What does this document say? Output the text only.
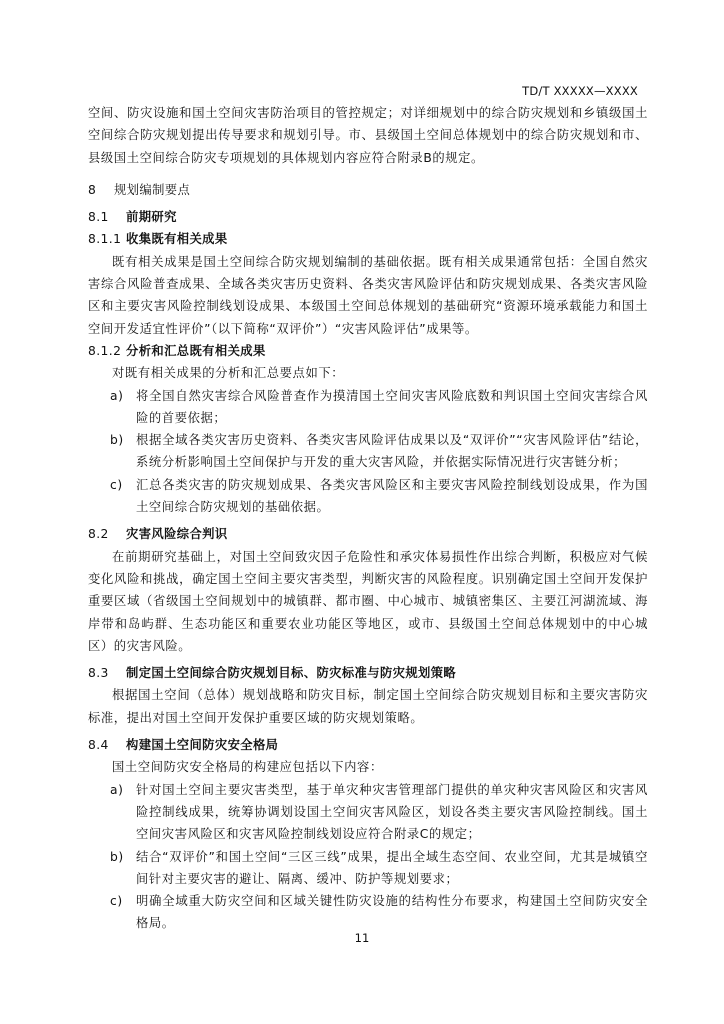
TD/T XXXXX—XXXX

空间、防灾设施和国土空间灾害防治项目的管控规定；对详细规划中的综合防灾规划和乡镇级国土空间综合防灾规划提出传导要求和规划引导。市、县级国土空间总体规划中的综合防灾规划和市、县级国土空间综合防灾专项规划的具体规划内容应符合附录B的规定。

8 规划编制要点
8.1 前期研究
8.1.1 收集既有相关成果

既有相关成果是国土空间综合防灾规划编制的基础依据。既有相关成果通常包括：全国自然灾害综合风险普查成果、全域各类灾害历史资料、各类灾害风险评估和防灾规划成果、各类灾害风险区和主要灾害风险控制线划设成果、本级国土空间总体规划的基础研究“资源环境承载能力和国土空间开发适宜性评价”（以下简称“双评价”）“灾害风险评估”成果等。

8.1.2 分析和汇总既有相关成果

对既有相关成果的分析和汇总要点如下：

a)	将全国自然灾害综合风险普查作为摸清国土空间灾害风险底数和判识国土空间灾害综合风险的首要依据；
b) 根据全域各类灾害历史资料、各类灾害风险评估成果以及“双评价”“灾害风险评估”结论，系统分析影响国土空间保护与开发的重大灾害风险，并依据实际情况进行灾害链分析；
c)	汇总各类灾害的防灾规划成果、各类灾害风险区和主要灾害风险控制线划设成果，作为国土空间综合防灾规划的基础依据。
8.2 灾害风险综合判识

在前期研究基础上，对国土空间致灾因子危险性和承灾体易损性作出综合判断，积极应对气候变化风险和挑战，确定国土空间主要灾害类型，判断灾害的风险程度。识别确定国土空间开发保护重要区域（省级国土空间规划中的城镇群、都市圈、中心城市、城镇密集区、主要江河湖流域、海岸带和岛屿群、生态功能区和重要农业功能区等地区，或市、县级国土空间总体规划中的中心城区）的灾害风险。

8.3 制定国土空间综合防灾规划目标、防灾标准与防灾规划策略

根据国土空间（总体）规划战略和防灾目标，制定国土空间综合防灾规划目标和主要灾害防灾标准，提出对国土空间开发保护重要区域的防灾规划策略。

8.4 构建国土空间防灾安全格局

国土空间防灾安全格局的构建应包括以下内容：

a)	针对国土空间主要灾害类型，基于单灾种灾害管理部门提供的单灾种灾害风险区和灾害风险控制线成果，统筹协调划设国土空间灾害风险区，划设各类主要灾害风险控制线。国土空间灾害风险区和灾害风险控制线划设应符合附录C的规定；
b) 结合“双评价”和国土空间“三区三线”成果，提出全域生态空间、农业空间，尤其是城镇空间针对主要灾害的避让、隔离、缓冲、防护等规划要求；
c)	明确全域重大防灾空间和区域关键性防灾设施的结构性分布要求，构建国土空间防灾安全格局。
11
